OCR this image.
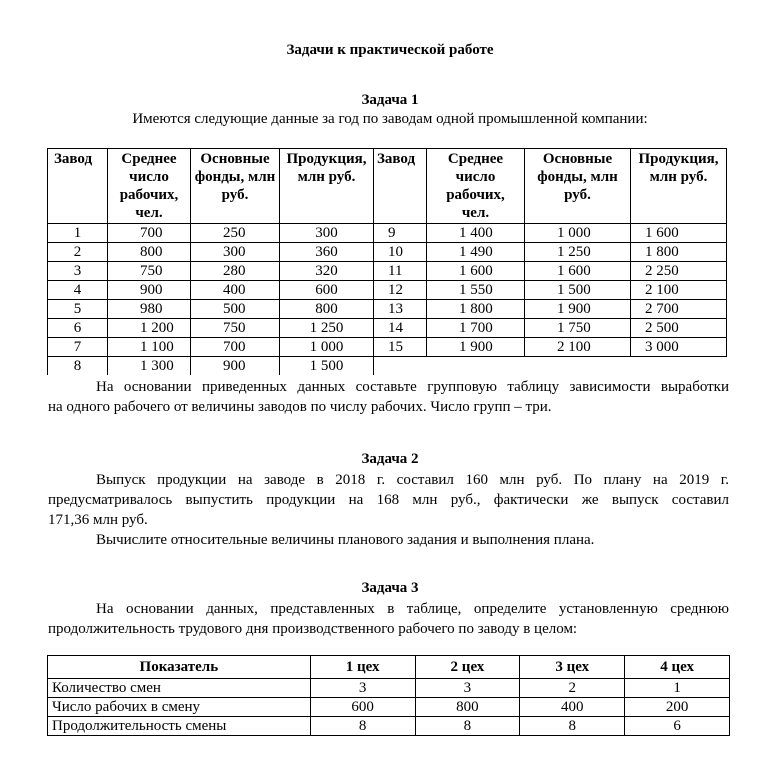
Задачи к практической работе
Задача 1
Имеются следующие данные за год по заводам одной промышленной компании:
Завод	Среднее
число
рабочих,
чел.	Основные
фонды, млн
руб.	Продукция,
млн руб.	Завод	Среднее
число
рабочих,
чел.	Основные
фонды, млн
руб.	Продукция,
млн руб.
1	700	250	300	9	1 400	1 000	1 600
2	800	300	360	10	1 490	1 250	1 800
3	750	280	320	11	1 600	1 600	2 250
4	900	400	600	12	1 550	1 500	2 100
5	980	500	800	13	1 800	1 900	2 700
6	1 200	750	1 250	14	1 700	1 750	2 500
7	1 100	700	1 000	15	1 900	2 100	3 000
8	1 300	900	1 500				
На основании приведенных данных составьте групповую таблицу зависимости выработки
на одного рабочего от величины заводов по числу рабочих. Число групп – три.
Задача 2
Выпуск продукции на заводе в 2018 г. составил 160 млн руб. По плану на 2019 г.
предусматривалось выпустить продукции на 168 млн руб., фактически же выпуск составил
171,36 млн руб.
Вычислите относительные величины планового задания и выполнения плана.
Задача 3
На основании данных, представленных в таблице, определите установленную среднюю
продолжительность трудового дня производственного рабочего по заводу в целом:
Показатель	1 цех	2 цех	3 цех	4 цех
Количество смен	3	3	2	1
Число рабочих в смену	600	800	400	200
Продолжительность смены	8	8	8	6
